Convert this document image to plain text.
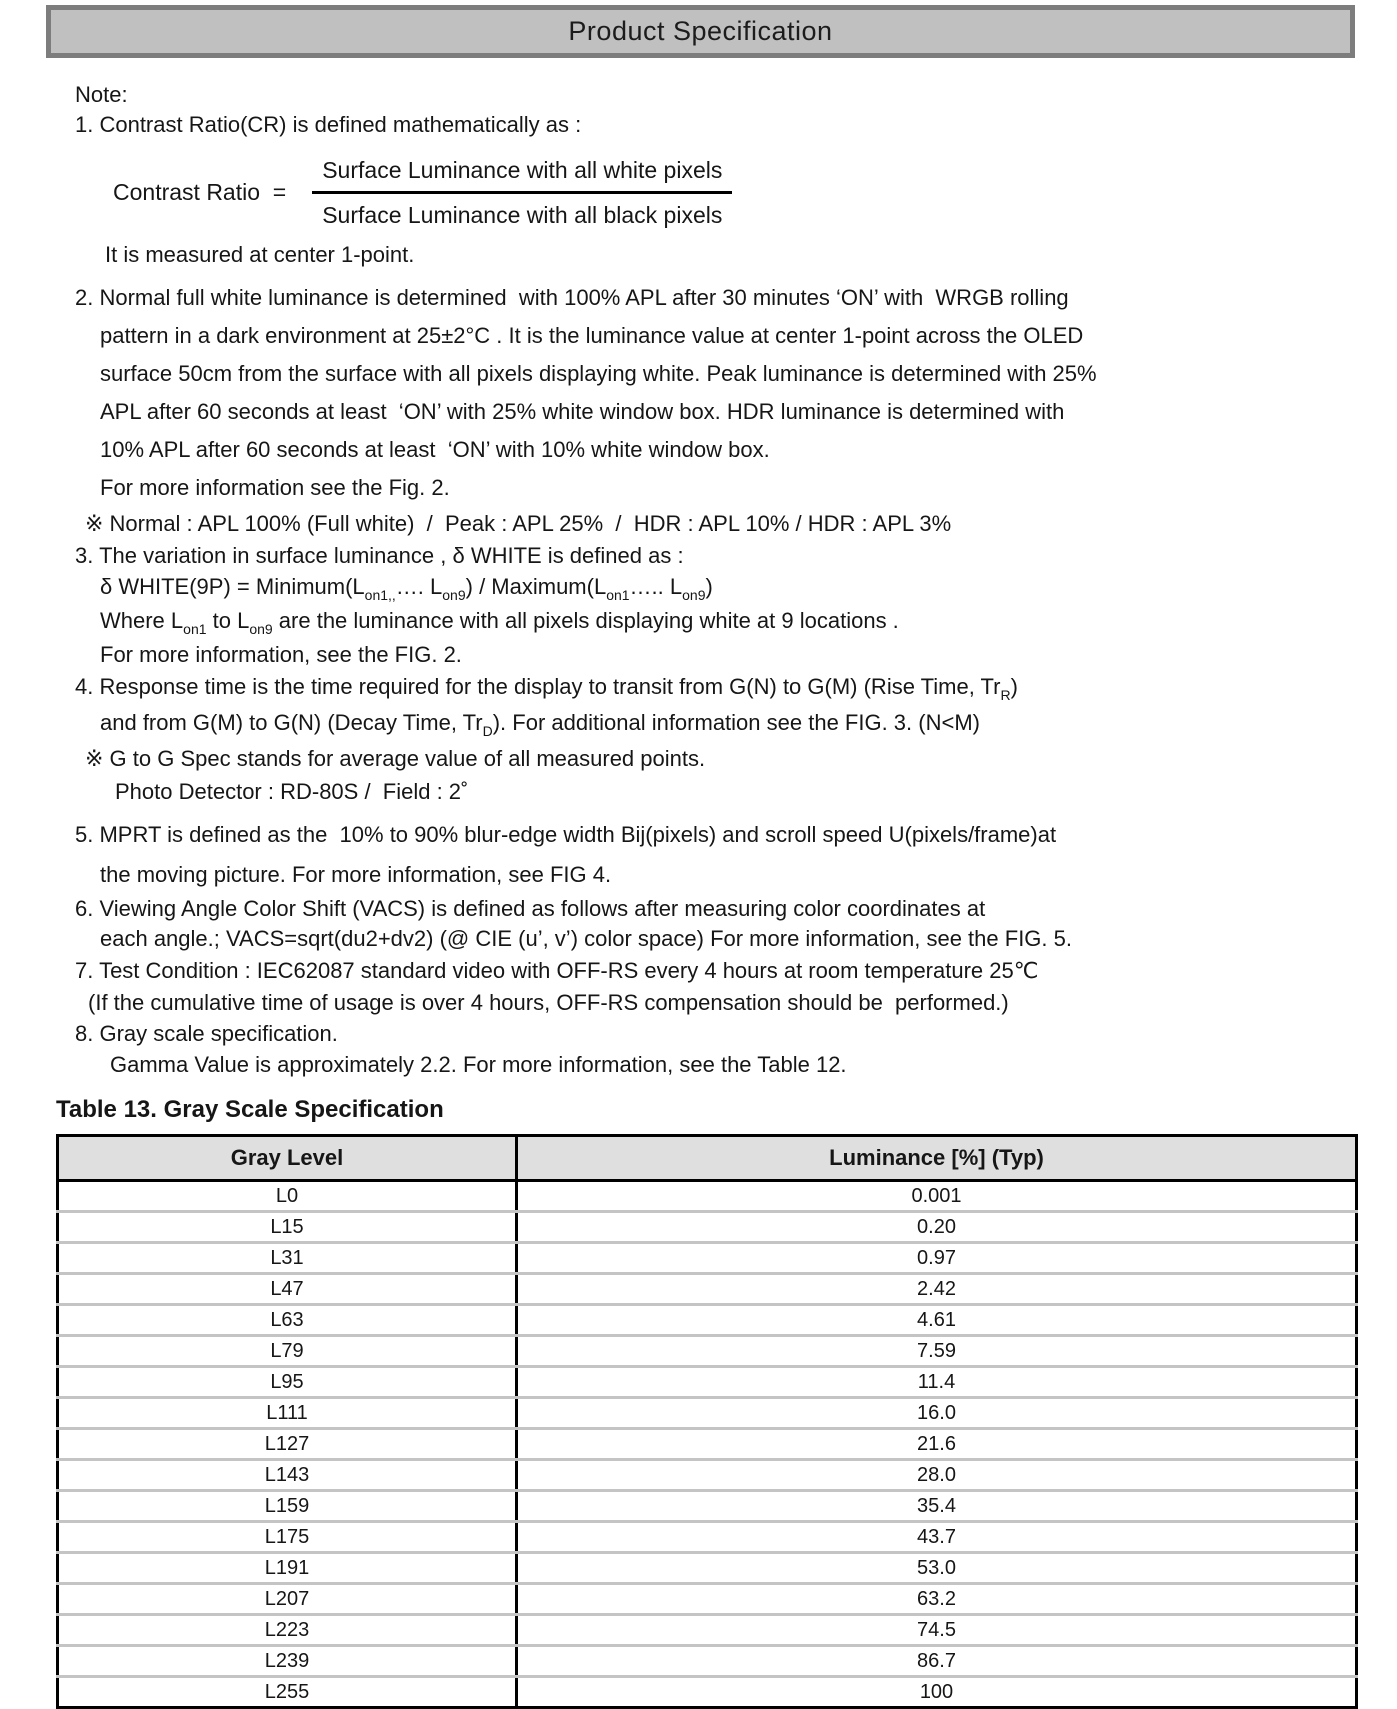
Product Specification
Note:
1. Contrast Ratio(CR) is defined mathematically as :
Contrast Ratio  = $\frac{\text{Surface Luminance with all white pixels}}{\text{Surface Luminance with all black pixels}}$
It is measured at center 1-point.
2. Normal full white luminance is determined  with 100% APL after 30 minutes ‘ON’ with  WRGB rolling
pattern in a dark environment at 25±2°C . It is the luminance value at center 1-point across the OLED
surface 50cm from the surface with all pixels displaying white. Peak luminance is determined with 25%
APL after 60 seconds at least  ‘ON’ with 25% white window box. HDR luminance is determined with
10% APL after 60 seconds at least  ‘ON’ with 10% white window box.
For more information see the Fig. 2.
※ Normal : APL 100% (Full white)  /  Peak : APL 25%  /  HDR : APL 10% / HDR : APL 3%
3. The variation in surface luminance , δ WHITE is defined as :
δ WHITE(9P) = $Minimum(L_{on1,,}\dots$. $L_{on9}$) / $Maximum(L_{on1}\dots$.. $L_{on9}$)
Where $L_{on1}$ to $L_{on9}$ are the luminance with all pixels displaying white at 9 locations .
For more information, see the FIG. 2.
4. Response time is the time required for the display to transit from G(N) to G(M) (Rise Time, $Tr_R$)
and from G(M) to G(N) (Decay Time, $Tr_D$). For additional information see the FIG. 3. (N<M)
※ G to G Spec stands for average value of all measured points.
Photo Detector : RD-80S /  Field : 2˚
5. MPRT is defined as the  10% to 90% blur-edge width Bij(pixels) and scroll speed U(pixels/frame)at
the moving picture. For more information, see FIG 4.
6. Viewing Angle Color Shift (VACS) is defined as follows after measuring color coordinates at
each angle.; VACS=sqrt(du2+dv2) (@ CIE (u’, v’) color space) For more information, see the FIG. 5.
7. Test Condition : IEC62087 standard video with OFF-RS every 4 hours at room temperature 25℃
(If the cumulative time of usage is over 4 hours, OFF-RS compensation should be  performed.)
8. Gray scale specification.
Gamma Value is approximately 2.2. For more information, see the Table 12.
Table 13. Gray Scale Specification
Gray Level	Luminance [%] (Typ)
L0	0.001
L15	0.20
L31	0.97
L47	2.42
L63	4.61
L79	7.59
L95	11.4
L111	16.0
L127	21.6
L143	28.0
L159	35.4
L175	43.7
L191	53.0
L207	63.2
L223	74.5
L239	86.7
L255	100
